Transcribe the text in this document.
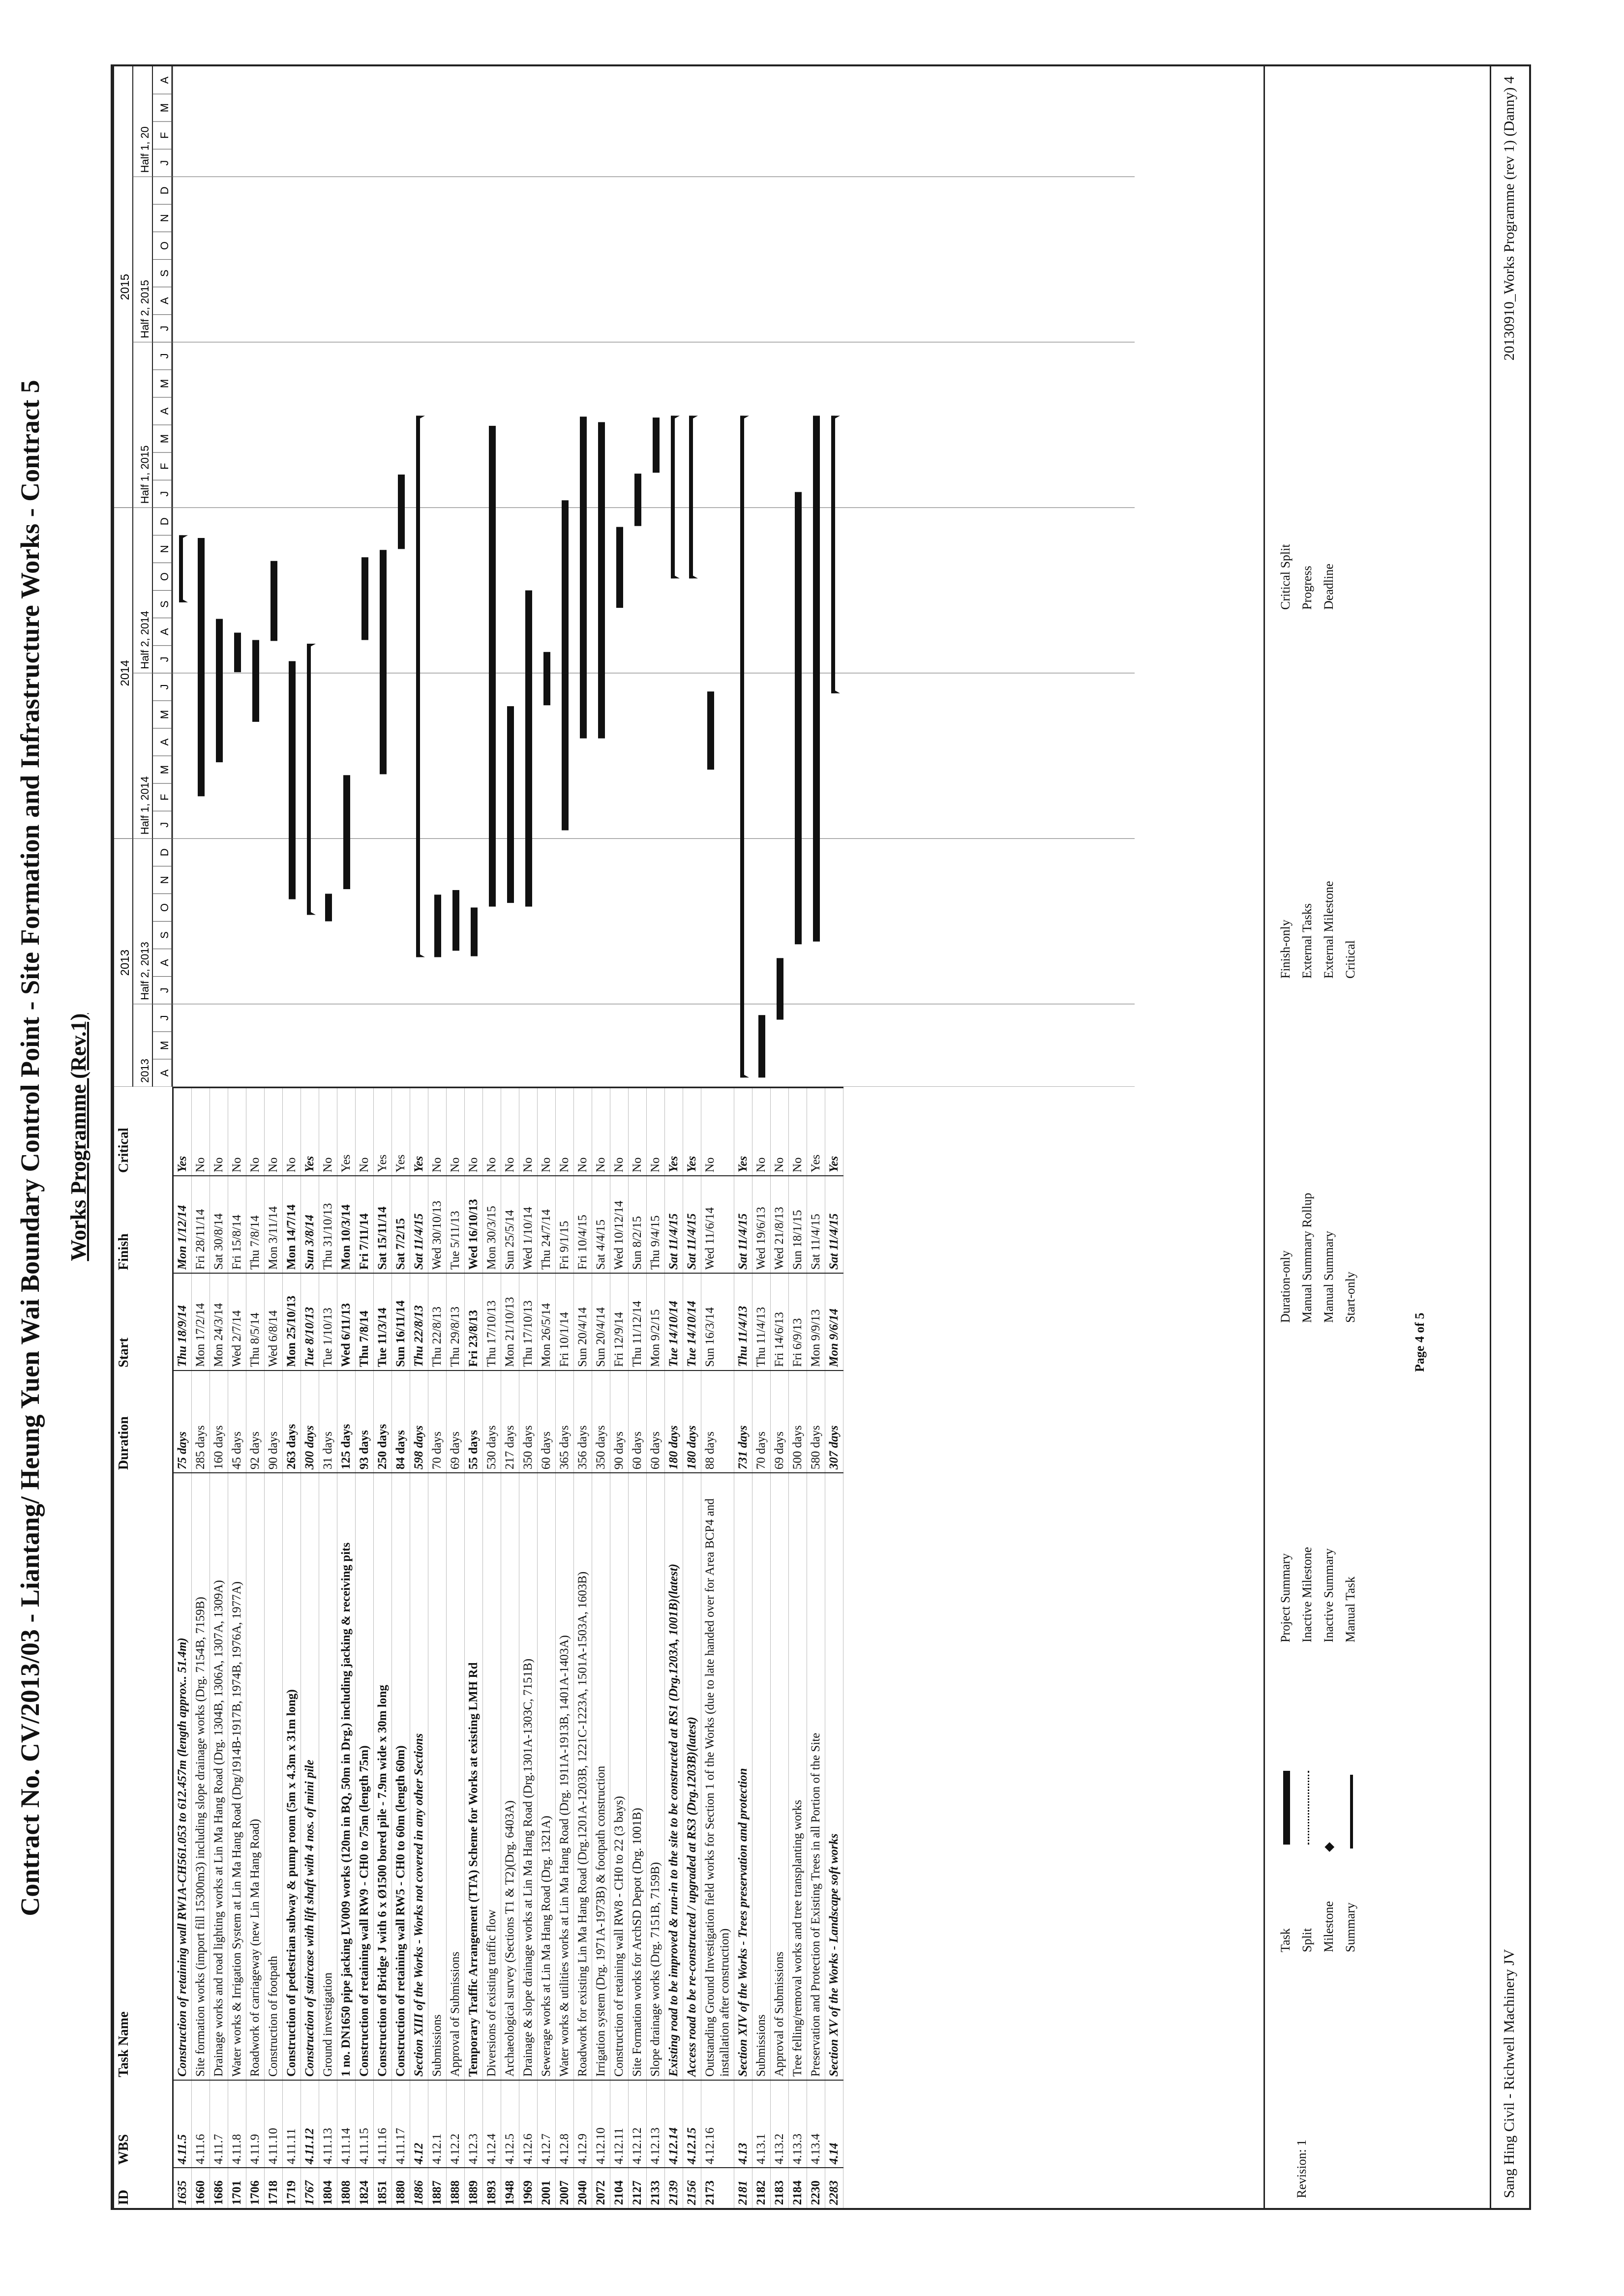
Contract No. CV/2013/03 - Liantang/ Heung Yuen Wai Boundary Control Point - Site Formation and Infrastructure Works - Contract 5 Works Programme (Rev.1)
ID	WBS	Task Name	Duration	Start	Finish	Critical
1635	4.11.5	Construction of retaining wall RW1A-CH561.053 to 612.457m (length approx.. 51.4m)	75 days	Thu 18/9/14	Mon 1/12/14	Yes
1660	4.11.6	Site formation works (import fill 15300m3) including slope drainage works (Drg. 7154B, 7159B)	285 days	Mon 17/2/14	Fri 28/11/14	No
1686	4.11.7	Drainage works and road lighting works at Lin Ma Hang Road (Drg. 1304B, 1306A, 1307A, 1309A)	160 days	Mon 24/3/14	Sat 30/8/14	No
1701	4.11.8	Water works & Irrigation System at Lin Ma Hang Road (Drg/1914B-1917B, 1974B, 1976A, 1977A)	45 days	Wed 2/7/14	Fri 15/8/14	No
1706	4.11.9	Roadwork of carriageway (new Lin Ma Hang Road)	92 days	Thu 8/5/14	Thu 7/8/14	No
1718	4.11.10	Construction of footpath	90 days	Wed 6/8/14	Mon 3/11/14	No
1719	4.11.11	Construction of pedestrian subway & pump room (5m x 4.3m x 31m long)	263 days	Mon 25/10/13	Mon 14/7/14	No
1767	4.11.12	Construction of staircase with lift shaft with 4 nos. of mini pile	300 days	Tue 8/10/13	Sun 3/8/14	Yes
1804	4.11.13	Ground investigation	31 days	Tue 1/10/13	Thu 31/10/13	No
1808	4.11.14	1 no. DN1650 pipe jacking LV009 works (120m in BQ, 50m in Drg.) including jacking & receiving pits	125 days	Wed 6/11/13	Mon 10/3/14	Yes
1824	4.11.15	Construction of retaining wall RW9 - CH0 to 75m (length 75m)	93 days	Thu 7/8/14	Fri 7/11/14	No
1851	4.11.16	Construction of Bridge J with 6 x Ø1500 bored pile - 7.9m wide x 30m long	250 days	Tue 11/3/14	Sat 15/11/14	Yes
1880	4.11.17	Construction of retaining wall RW5 - CH0 to 60m (length 60m)	84 days	Sun 16/11/14	Sat 7/2/15	Yes
1886	4.12	Section XIII of the Works - Works not covered in any other Sections	598 days	Thu 22/8/13	Sat 11/4/15	Yes
1887	4.12.1	Submissions	70 days	Thu 22/8/13	Wed 30/10/13	No
1888	4.12.2	Approval of Submissions	69 days	Thu 29/8/13	Tue 5/11/13	No
1889	4.12.3	Temporary Traffic Arrangement (TTA) Scheme for Works at existing LMH Rd	55 days	Fri 23/8/13	Wed 16/10/13	No
1893	4.12.4	Diversions of existing traffic flow	530 days	Thu 17/10/13	Mon 30/3/15	No
1948	4.12.5	Archaeological survey (Sections T1 & T2)(Drg. 6403A)	217 days	Mon 21/10/13	Sun 25/5/14	No
1969	4.12.6	Drainage & slope drainage works at Lin Ma Hang Road (Drg.1301A-1303C, 7151B)	350 days	Thu 17/10/13	Wed 1/10/14	No
2001	4.12.7	Sewerage works at Lin Ma Hang Road (Drg. 1321A)	60 days	Mon 26/5/14	Thu 24/7/14	No
2007	4.12.8	Water works & utilities works at Lin Ma Hang Road (Drg. 1911A-1913B, 1401A-1403A)	365 days	Fri 10/1/14	Fri 9/1/15	No
2040	4.12.9	Roadwork for existing Lin Ma Hang Road (Drg.1201A-1203B, 1221C-1223A, 1501A-1503A, 1603B)	356 days	Sun 20/4/14	Fri 10/4/15	No
2072	4.12.10	Irrigation system (Drg. 1971A-1973B) & footpath construction	350 days	Sun 20/4/14	Sat 4/4/15	No
2104	4.12.11	Construction of retaining wall RW8 - CH0 to 22 (3 bays)	90 days	Fri 12/9/14	Wed 10/12/14	No
2127	4.12.12	Site Formation works for ArchSD Depot (Drg. 1001B)	60 days	Thu 11/12/14	Sun 8/2/15	No
2133	4.12.13	Slope drainage works (Drg. 7151B, 7159B)	60 days	Mon 9/2/15	Thu 9/4/15	No
2139	4.12.14	Existing road to be improved & run-in to the site to be constructed at RS1 (Drg.1203A, 1001B)(latest)	180 days	Tue 14/10/14	Sat 11/4/15	Yes
2156	4.12.15	Access road to be re-constructed / upgraded at RS3 (Drg.1203B)(latest)	180 days	Tue 14/10/14	Sat 11/4/15	Yes
2173	4.12.16	Outstanding Ground Investigation field works for Section 1 of the Works (due to late handed over for Area BCP4 and installation after construction)	88 days	Sun 16/3/14	Wed 11/6/14	No
2181	4.13	Section XIV of the Works - Trees preservation and protection	731 days	Thu 11/4/13	Sat 11/4/15	Yes
2182	4.13.1	Submissions	70 days	Thu 11/4/13	Wed 19/6/13	No
2183	4.13.2	Approval of Submissions	69 days	Fri 14/6/13	Wed 21/8/13	No
2184	4.13.3	Tree felling/removal works and tree transplanting works	500 days	Fri 6/9/13	Sun 18/1/15	No
2230	4.13.4	Preservation and Protection of Existing Trees in all Portion of the Site	580 days	Mon 9/9/13	Sat 11/4/15	Yes
2283	4.14	Section XV of the Works - Landscape soft works	307 days	Mon 9/6/14	Sat 11/4/15	Yes
A
M
J
J
A
S
O
N
D
J
F
M
A
M
J
J
A
S
O
N
D
J
F
M
A
M
J
J
A
S
O
N
D
J
F
M
A
2013
Half 2, 2013
Half 1, 2014
Half 2, 2014
Half 1, 2015
Half 2, 2015
Half 1, 20
2013
2014
2015
Revision: 1
Task Split Milestone◆
Summary
Project Summary Inactive Milestone Inactive Summary Manual Task
Duration-only Manual Summary Rollup Manual Summary Start-only
Finish-only External Tasks External Milestone Critical
Critical Split Progress Deadline
Page 4 of 5
Sang Hing Civil - Richwell Machinery JV
20130910_Works Programme (rev 1) (Danny) 4
